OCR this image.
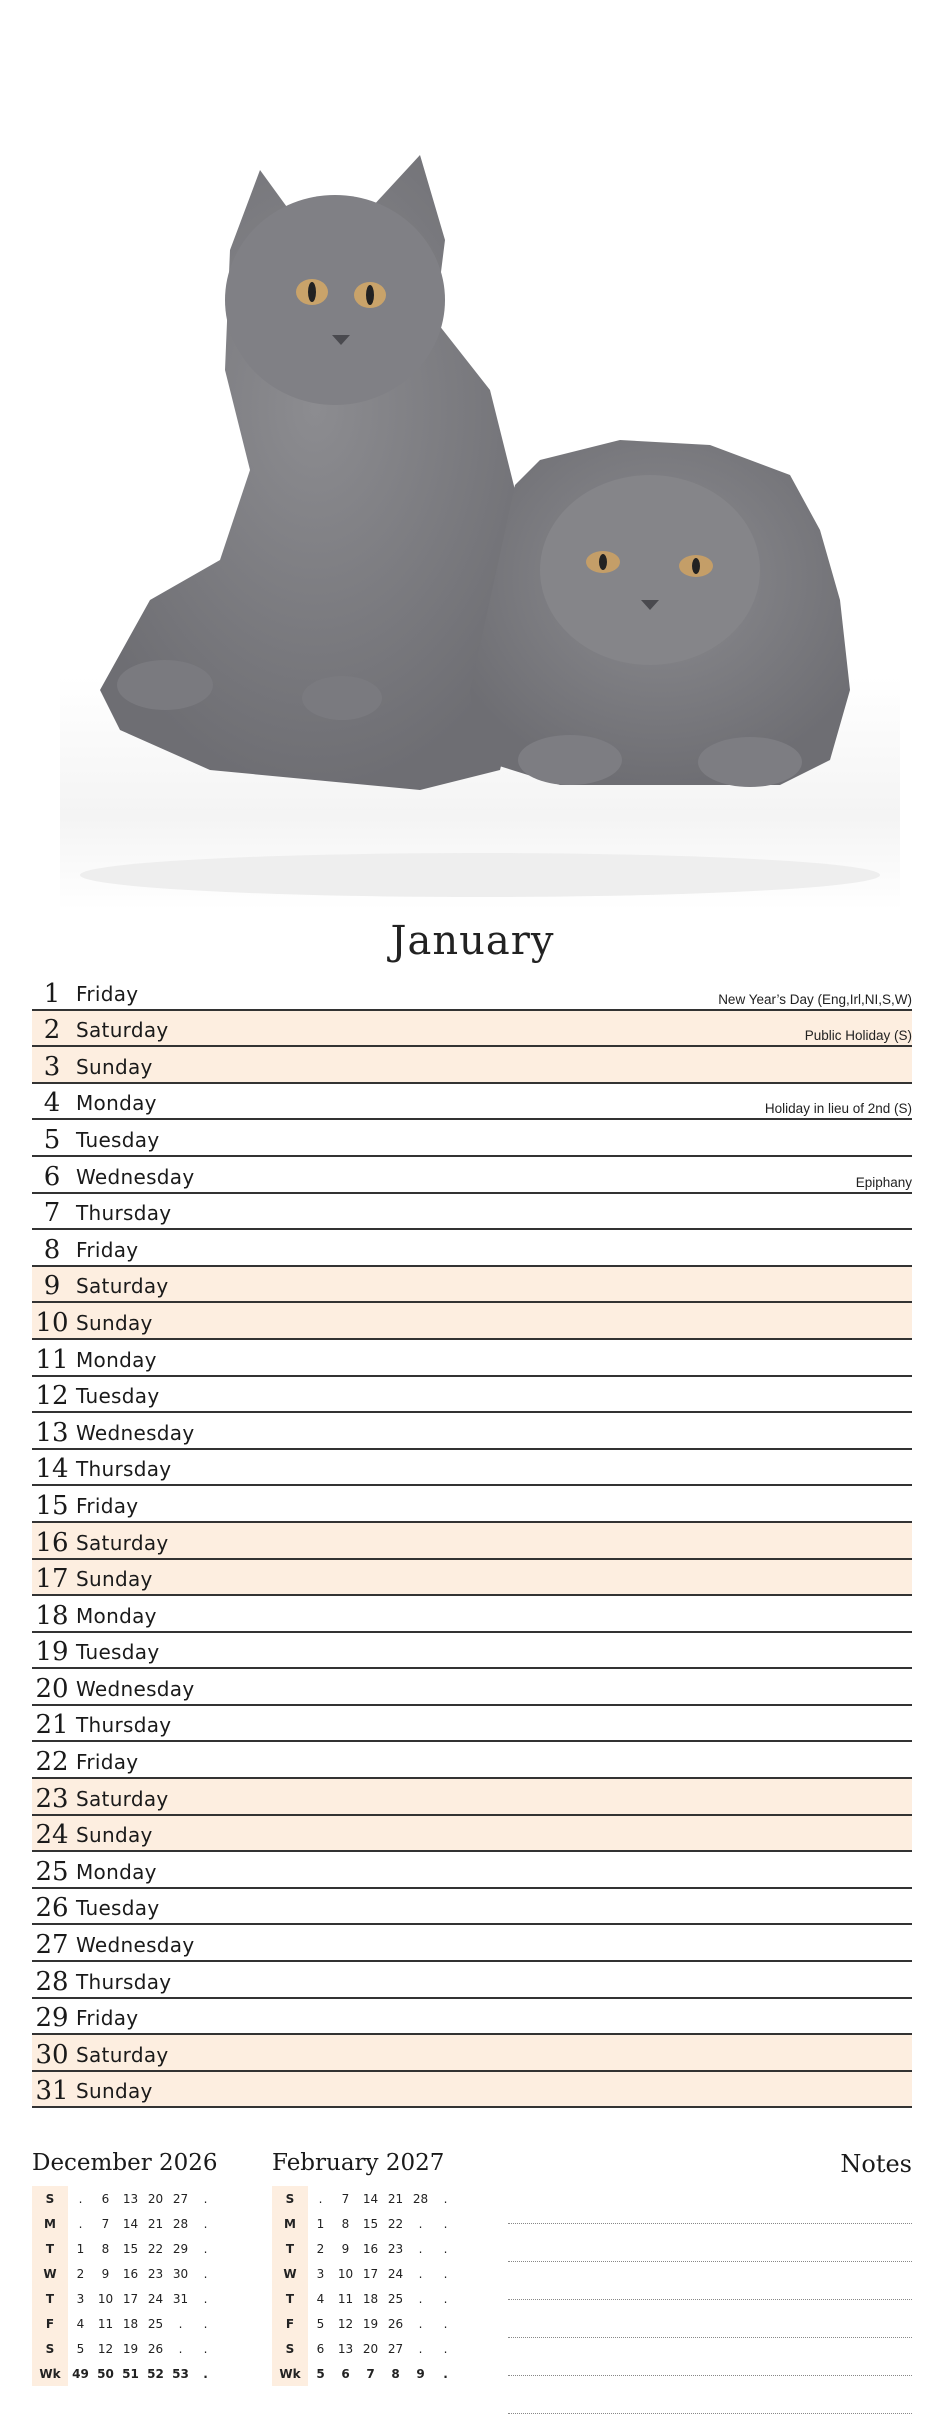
January
1 Friday	New Year’s Day (Eng,Irl,NI,S,W)
2 Saturday	Public Holiday (S)
3 Sunday
4 Monday	Holiday in lieu of 2nd (S)
5 Tuesday
6 Wednesday	Epiphany
7 Thursday
8 Friday
9 Saturday
10 Sunday
11 Monday
12 Tuesday
13 Wednesday
14 Thursday
15 Friday
16 Saturday
17 Sunday
18 Monday
19 Tuesday
20 Wednesday
21 Thursday
22 Friday
23 Saturday
24 Sunday
25 Monday
26 Tuesday
27 Wednesday
28 Thursday
29 Friday
30 Saturday
31 Sunday
December 2026
S	.	6	13	20	27	.
M	.	7	14	21	28	.
T	1	8	15	22	29	.
W	2	9	16	23	30	.
T	3	10	17	24	31	.
F	4	11	18	25	.	.
S	5	12	19	26	.	.
Wk	49	50	51	52	53	.
February 2027
S	.	7	14	21	28	.
M	1	8	15	22	.	.
T	2	9	16	23	.	.
W	3	10	17	24	.	.
T	4	11	18	25	.	.
F	5	12	19	26	.	.
S	6	13	20	27	.	.
Wk	5	6	7	8	9	.
Notes
